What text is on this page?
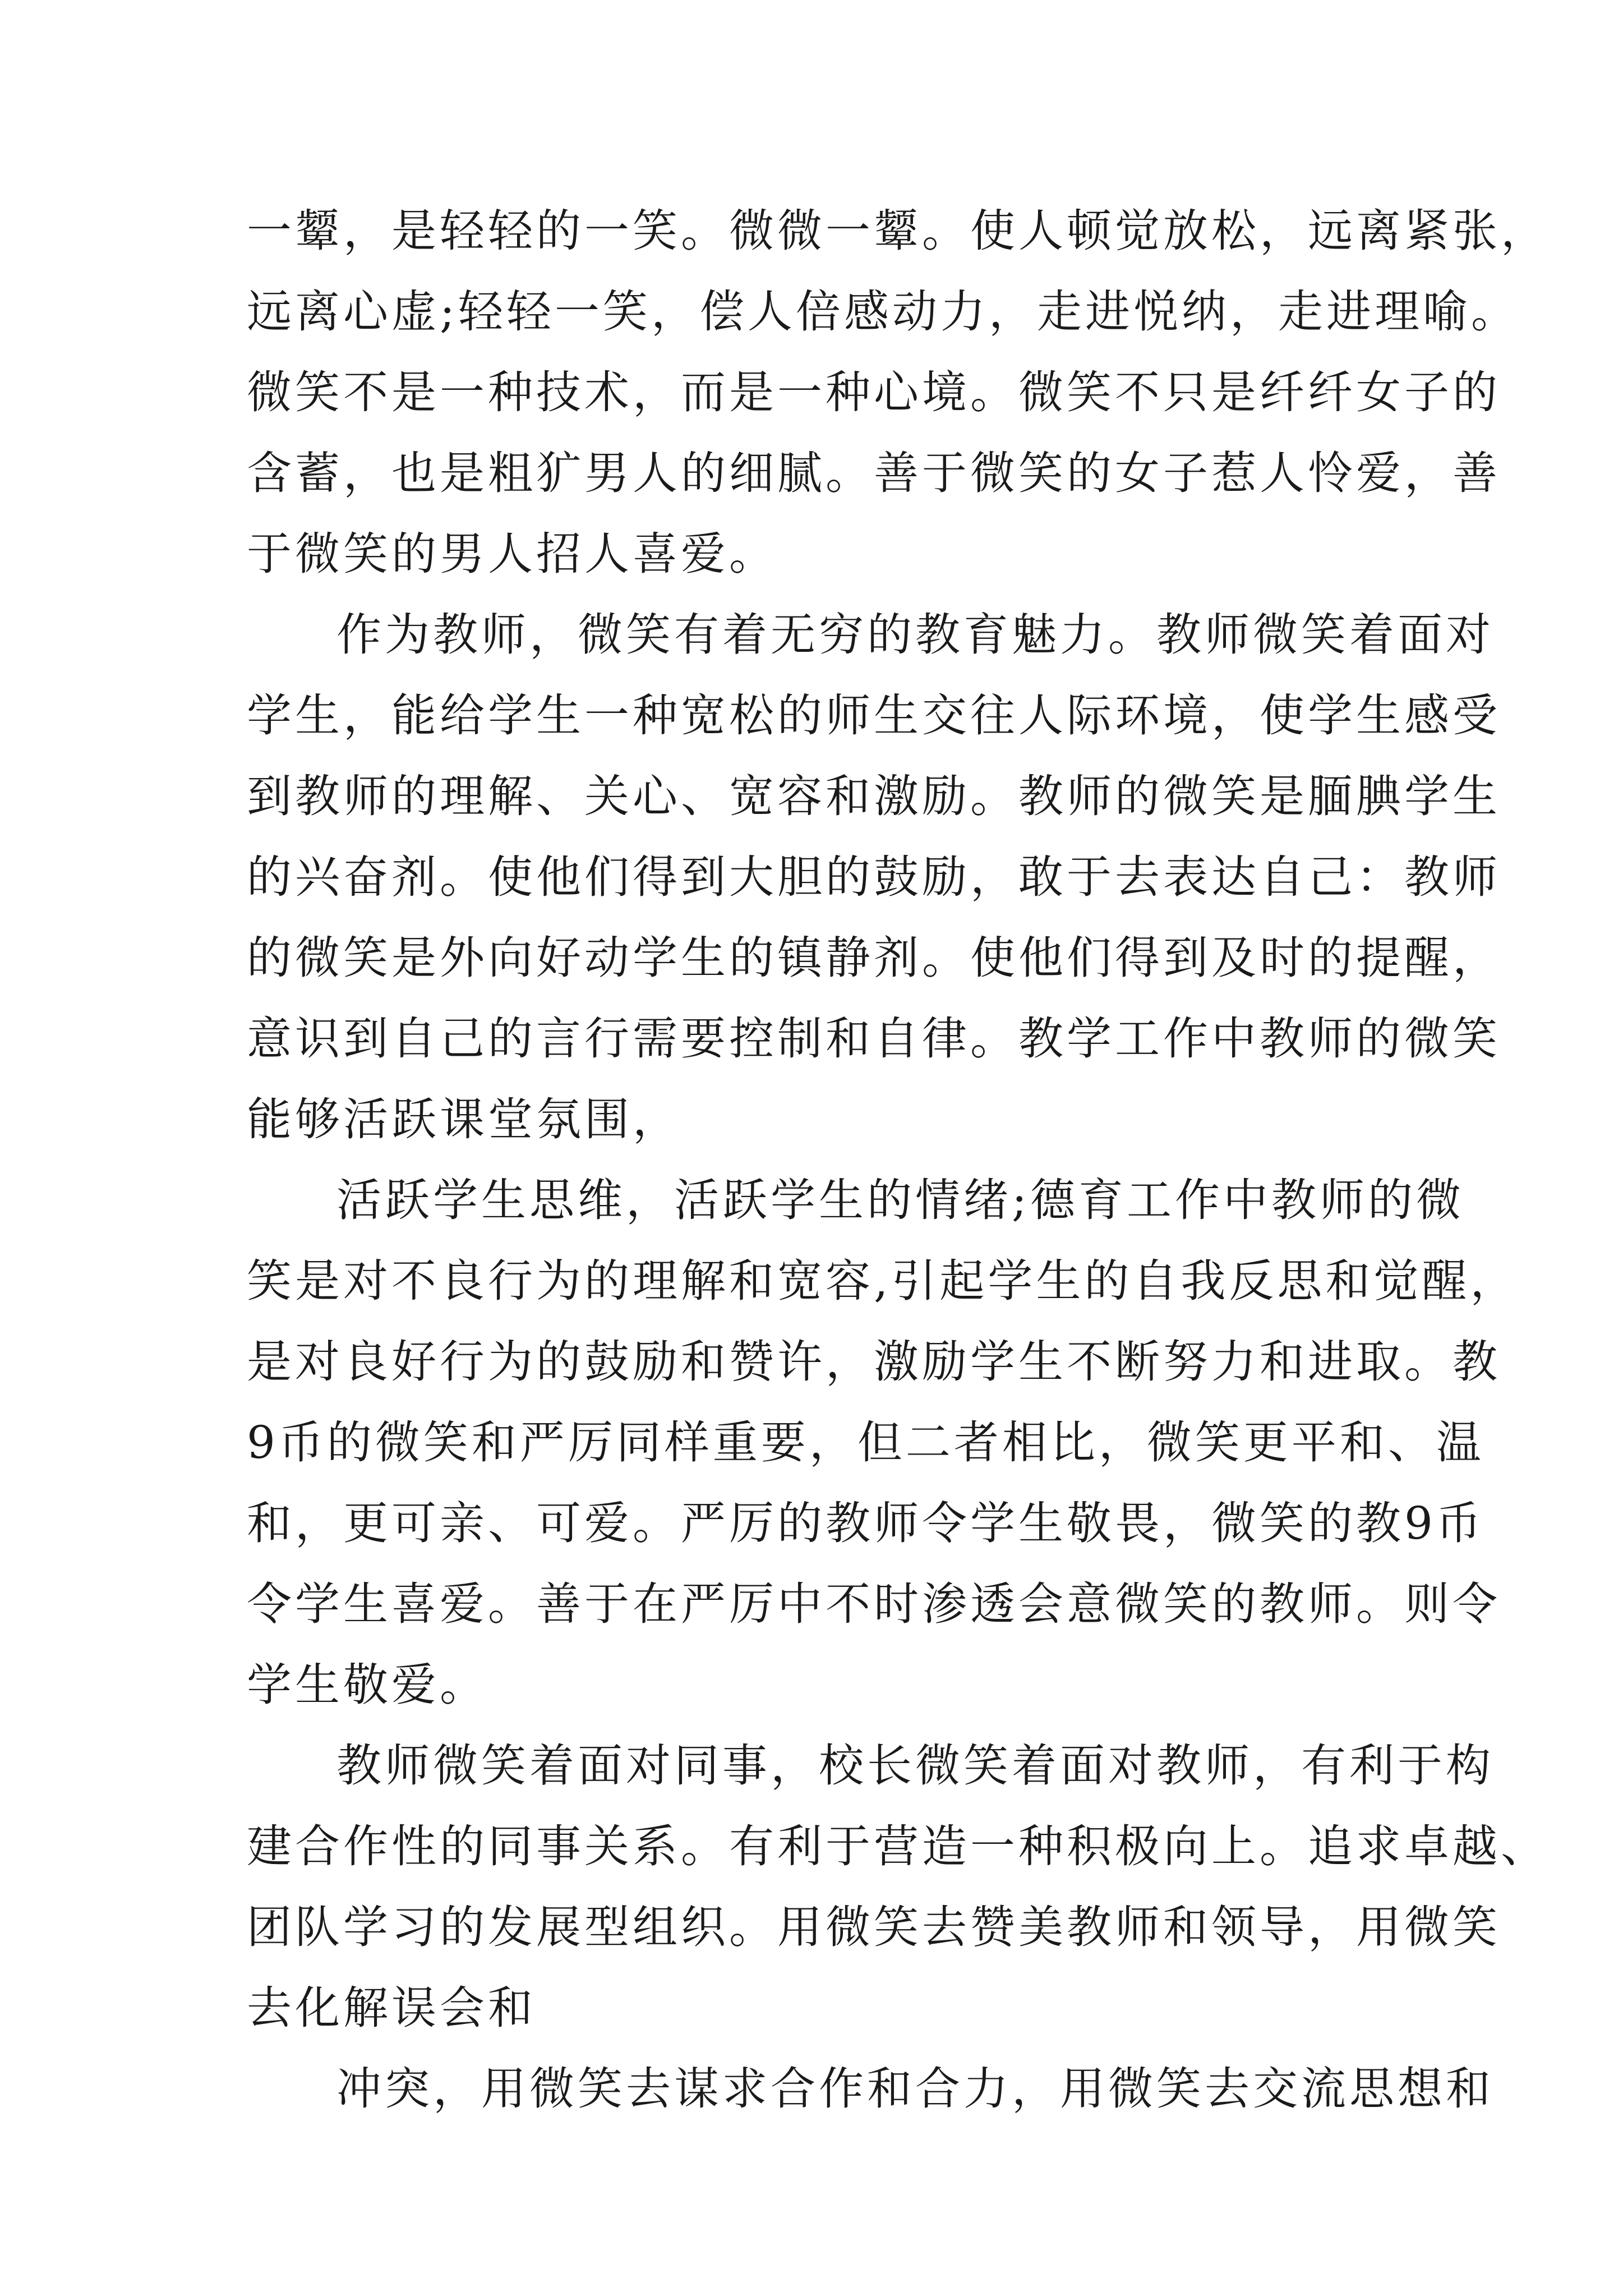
一颦，是轻轻的一笑。微微一颦。使人顿觉放松，远离紧张，
远离心虚;轻轻一笑，偿人倍感动力，走进悦纳，走进理喻。
微笑不是一种技术，而是一种心境。微笑不只是纤纤女子的
含蓄，也是粗犷男人的细腻。善于微笑的女子惹人怜爱，善
于微笑的男人招人喜爱。
作为教师，微笑有着无穷的教育魅力。教师微笑着面对
学生，能给学生一种宽松的师生交往人际环境，使学生感受
到教师的理解、关心、宽容和激励。教师的微笑是腼腆学生
的兴奋剂。使他们得到大胆的鼓励，敢于去表达自己：教师
的微笑是外向好动学生的镇静剂。使他们得到及时的提醒，
意识到自己的言行需要控制和自律。教学工作中教师的微笑
能够活跃课堂氛围，
活跃学生思维，活跃学生的情绪;德育工作中教师的微
笑是对不良行为的理解和宽容,引起学生的自我反思和觉醒，
是对良好行为的鼓励和赞许，激励学生不断努力和进取。教
9币的微笑和严厉同样重要，但二者相比，微笑更平和、温
和，更可亲、可爱。严厉的教师令学生敬畏，微笑的教9币
令学生喜爱。善于在严厉中不时渗透会意微笑的教师。则令
学生敬爱。
教师微笑着面对同事，校长微笑着面对教师，有利于构
建合作性的同事关系。有利于营造一种积极向上。追求卓越、
团队学习的发展型组织。用微笑去赞美教师和领导，用微笑
去化解误会和
冲突，用微笑去谋求合作和合力，用微笑去交流思想和
